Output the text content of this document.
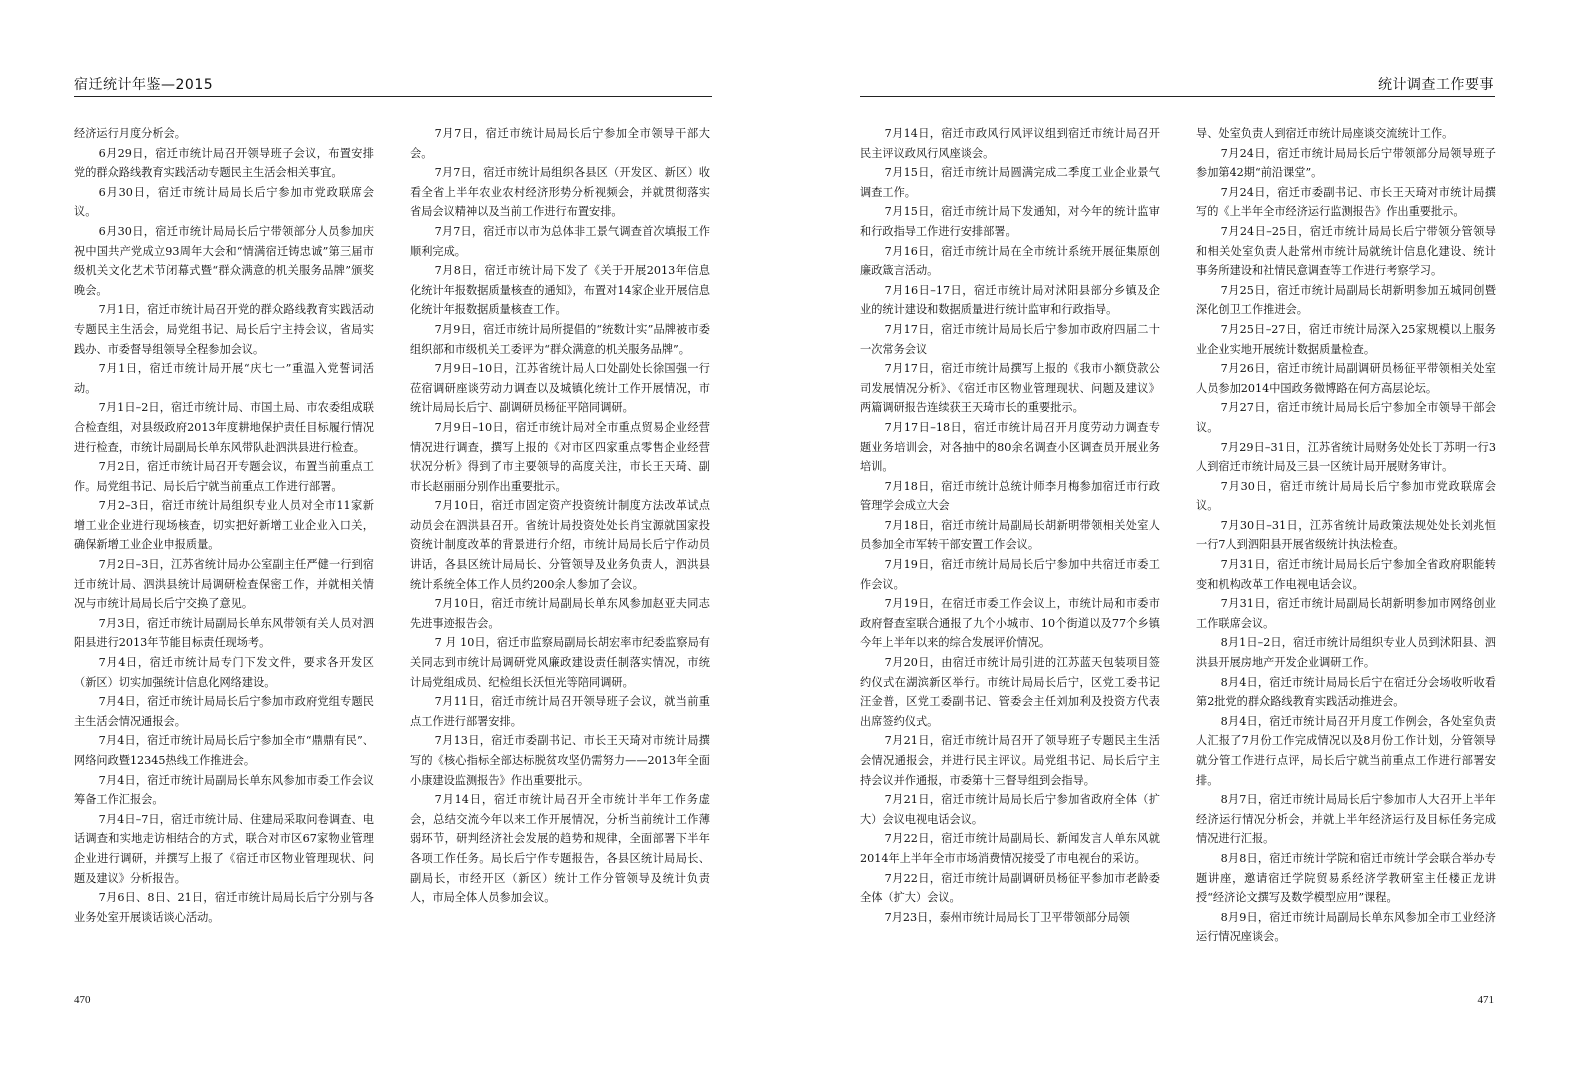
宿迁统计年鉴—2015

经济运行月度分析会。

6月29日，宿迁市统计局召开领导班子会议，布置安排党的群众路线教育实践活动专题民主生活会相关事宜。

6月30日，宿迁市统计局局长后宁参加市党政联席会议。

6月30日，宿迁市统计局局长后宁带领部分人员参加庆祝中国共产党成立93周年大会和“情满宿迁铸忠诚”第三届市级机关文化艺术节闭幕式暨“群众满意的机关服务品牌”颁奖晚会。

7月1日，宿迁市统计局召开党的群众路线教育实践活动专题民主生活会，局党组书记、局长后宁主持会议，省局实践办、市委督导组领导全程参加会议。

7月1日，宿迁市统计局开展“庆七一”重温入党誓词活动。

7月1日–2日，宿迁市统计局、市国土局、市农委组成联合检查组，对县级政府2013年度耕地保护责任目标履行情况进行检查，市统计局副局长单东风带队赴泗洪县进行检查。

7月2日，宿迁市统计局召开专题会议，布置当前重点工作。局党组书记、局长后宁就当前重点工作进行部署。

7月2–3日，宿迁市统计局组织专业人员对全市11家新增工业企业进行现场核查，切实把好新增工业企业入口关，确保新增工业企业申报质量。

7月2日–3日，江苏省统计局办公室副主任严健一行到宿迁市统计局、泗洪县统计局调研检查保密工作，并就相关情况与市统计局局长后宁交换了意见。

7月3日，宿迁市统计局副局长单东风带领有关人员对泗阳县进行2013年节能目标责任现场考。

7月4日，宿迁市统计局专门下发文件，要求各开发区（新区）切实加强统计信息化网络建设。

7月4日，宿迁市统计局局长后宁参加市政府党组专题民主生活会情况通报会。

7月4日，宿迁市统计局局长后宁参加全市“鼎鼎有民”、网络问政暨12345热线工作推进会。

7月4日，宿迁市统计局副局长单东风参加市委工作会议筹备工作汇报会。

7月4日–7日，宿迁市统计局、住建局采取问卷调查、电话调查和实地走访相结合的方式，联合对市区67家物业管理企业进行调研，并撰写上报了《宿迁市区物业管理现状、问题及建议》分析报告。

7月6日、8日、21日，宿迁市统计局局长后宁分别与各业务处室开展谈话谈心活动。

7月7日，宿迁市统计局局长后宁参加全市领导干部大会。

7月7日，宿迁市统计局组织各县区（开发区、新区）收看全省上半年农业农村经济形势分析视频会，并就贯彻落实省局会议精神以及当前工作进行布置安排。

7月7日，宿迁市以市为总体非工景气调查首次填报工作顺利完成。

7月8日，宿迁市统计局下发了《关于开展2013年信息化统计年报数据质量核查的通知》，布置对14家企业开展信息化统计年报数据质量核查工作。

7月9日，宿迁市统计局所提倡的“统数计实”品牌被市委组织部和市级机关工委评为“群众满意的机关服务品牌”。

7月9日–10日，江苏省统计局人口处副处长徐国强一行莅宿调研座谈劳动力调查以及城镇化统计工作开展情况，市统计局局长后宁、副调研员杨征平陪同调研。

7月9日–10日，宿迁市统计局对全市重点贸易企业经营情况进行调查，撰写上报的《对市区四家重点零售企业经营状况分析》得到了市主要领导的高度关注，市长王天琦、副市长赵丽丽分别作出重要批示。

7月10日，宿迁市固定资产投资统计制度方法改革试点动员会在泗洪县召开。省统计局投资处处长肖宝源就国家投资统计制度改革的背景进行介绍，市统计局局长后宁作动员讲话，各县区统计局局长、分管领导及业务负责人，泗洪县统计系统全体工作人员约200余人参加了会议。

7月10日，宿迁市统计局副局长单东风参加赵亚夫同志先进事迹报告会。

7 月 10日，宿迁市监察局副局长胡宏率市纪委监察局有关同志到市统计局调研党风廉政建设责任制落实情况，市统计局党组成员、纪检组长沃恒光等陪同调研。

7月11日，宿迁市统计局召开领导班子会议，就当前重点工作进行部署安排。

7月13日，宿迁市委副书记、市长王天琦对市统计局撰写的《核心指标全部达标脱贫攻坚仍需努力——2013年全面小康建设监测报告》作出重要批示。

7月14日，宿迁市统计局召开全市统计半年工作务虚会，总结交流今年以来工作开展情况，分析当前统计工作薄弱环节，研判经济社会发展的趋势和规律，全面部署下半年各项工作任务。局长后宁作专题报告，各县区统计局局长、副局长，市经开区（新区）统计工作分管领导及统计负责人，市局全体人员参加会议。

470
统计调查工作要事

7月14日，宿迁市政风行风评议组到宿迁市统计局召开民主评议政风行风座谈会。

7月15日，宿迁市统计局圆满完成二季度工业企业景气调查工作。

7月15日，宿迁市统计局下发通知，对今年的统计监审和行政指导工作进行安排部署。

7月16日，宿迁市统计局在全市统计系统开展征集原创廉政箴言活动。

7月16日–17日，宿迁市统计局对沭阳县部分乡镇及企业的统计建设和数据质量进行统计监审和行政指导。

7月17日，宿迁市统计局局长后宁参加市政府四届二十一次常务会议

7月17日，宿迁市统计局撰写上报的《我市小额贷款公司发展情况分析》、《宿迁市区物业管理现状、问题及建议》两篇调研报告连续获王天琦市长的重要批示。

7月17日–18日，宿迁市统计局召开月度劳动力调查专题业务培训会，对各抽中的80余名调查小区调查员开展业务培训。

7月18日，宿迁市统计总统计师李月梅参加宿迁市行政管理学会成立大会

7月18日，宿迁市统计局副局长胡新明带领相关处室人员参加全市军转干部安置工作会议。

7月19日，宿迁市统计局局长后宁参加中共宿迁市委工作会议。

7月19日，在宿迁市委工作会议上，市统计局和市委市政府督查室联合通报了九个小城市、10个街道以及77个乡镇今年上半年以来的综合发展评价情况。

7月20日，由宿迁市统计局引进的江苏蓝天包装项目签约仪式在湖滨新区举行。市统计局局长后宁，区党工委书记汪金普，区党工委副书记、管委会主任刘加利及投资方代表出席签约仪式。

7月21日，宿迁市统计局召开了领导班子专题民主生活会情况通报会，并进行民主评议。局党组书记、局长后宁主持会议并作通报，市委第十三督导组到会指导。

7月21日，宿迁市统计局局长后宁参加省政府全体（扩大）会议电视电话会议。

7月22日，宿迁市统计局副局长、新闻发言人单东风就2014年上半年全市市场消费情况接受了市电视台的采访。

7月22日，宿迁市统计局副调研员杨征平参加市老龄委全体（扩大）会议。

7月23日，泰州市统计局局长丁卫平带领部分局领

导、处室负责人到宿迁市统计局座谈交流统计工作。

7月24日，宿迁市统计局局长后宁带领部分局领导班子参加第42期“前沿课堂”。

7月24日，宿迁市委副书记、市长王天琦对市统计局撰写的《上半年全市经济运行监测报告》作出重要批示。

7月24日–25日，宿迁市统计局局长后宁带领分管领导和相关处室负责人赴常州市统计局就统计信息化建设、统计事务所建设和社情民意调查等工作进行考察学习。

7月25日，宿迁市统计局副局长胡新明参加五城同创暨深化创卫工作推进会。

7月25日–27日，宿迁市统计局深入25家规模以上服务业企业实地开展统计数据质量检查。

7月26日，宿迁市统计局副调研员杨征平带领相关处室人员参加2014中国政务微博路在何方高层论坛。

7月27日，宿迁市统计局局长后宁参加全市领导干部会议。

7月29日–31日，江苏省统计局财务处处长丁苏明一行3人到宿迁市统计局及三县一区统计局开展财务审计。

7月30日，宿迁市统计局局长后宁参加市党政联席会议。

7月30日–31日，江苏省统计局政策法规处处长刘兆恒一行7人到泗阳县开展省级统计执法检查。

7月31日，宿迁市统计局局长后宁参加全省政府职能转变和机构改革工作电视电话会议。

7月31日，宿迁市统计局副局长胡新明参加市网络创业工作联席会议。

8月1日–2日，宿迁市统计局组织专业人员到沭阳县、泗洪县开展房地产开发企业调研工作。

8月4日，宿迁市统计局局长后宁在宿迁分会场收听收看第2批党的群众路线教育实践活动推进会。

8月4日，宿迁市统计局召开月度工作例会，各处室负责人汇报了7月份工作完成情况以及8月份工作计划，分管领导就分管工作进行点评，局长后宁就当前重点工作进行部署安排。

8月7日，宿迁市统计局局长后宁参加市人大召开上半年经济运行情况分析会，并就上半年经济运行及目标任务完成情况进行汇报。

8月8日，宿迁市统计学院和宿迁市统计学会联合举办专题讲座，邀请宿迁学院贸易系经济学教研室主任楼正龙讲授“经济论文撰写及数学模型应用”课程。

8月9日，宿迁市统计局副局长单东风参加全市工业经济运行情况座谈会。

471
